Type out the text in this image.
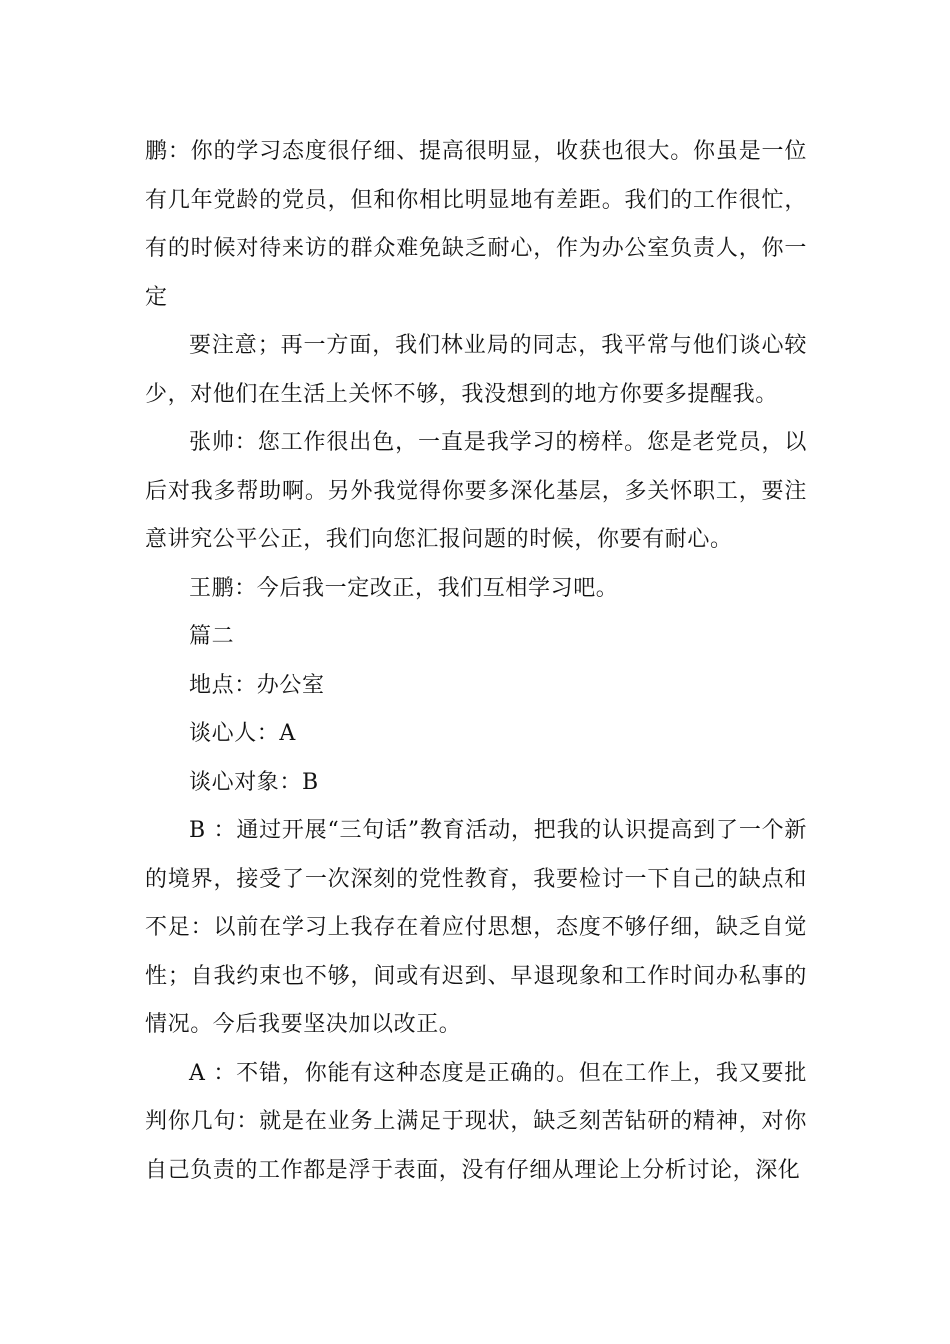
鹏：你的学习态度很仔细、提高很明显，收获也很大。你虽是一位有几年党龄的党员，但和你相比明显地有差距。我们的工作很忙，有的时候对待来访的群众难免缺乏耐心，作为办公室负责人，你一定

要注意；再一方面，我们林业局的同志，我平常与他们谈心较少，对他们在生活上关怀不够，我没想到的地方你要多提醒我。

张帅：您工作很出色，一直是我学习的榜样。您是老党员，以后对我多帮助啊。另外我觉得你要多深化基层，多关怀职工，要注意讲究公平公正，我们向您汇报问题的时候，你要有耐心。

王鹏：今后我一定改正，我们互相学习吧。

篇二

地点：办公室

谈心人：A

谈心对象：B

B ：通过开展“三句话”教育活动，把我的认识提高到了一个新的境界，接受了一次深刻的党性教育，我要检讨一下自己的缺点和不足：以前在学习上我存在着应付思想，态度不够仔细，缺乏自觉性；自我约束也不够，间或有迟到、早退现象和工作时间办私事的情况。今后我要坚决加以改正。

A ：不错，你能有这种态度是正确的。但在工作上，我又要批判你几句：就是在业务上满足于现状，缺乏刻苦钻研的精神，对你自己负责的工作都是浮于表面，没有仔细从理论上分析讨论，深化
